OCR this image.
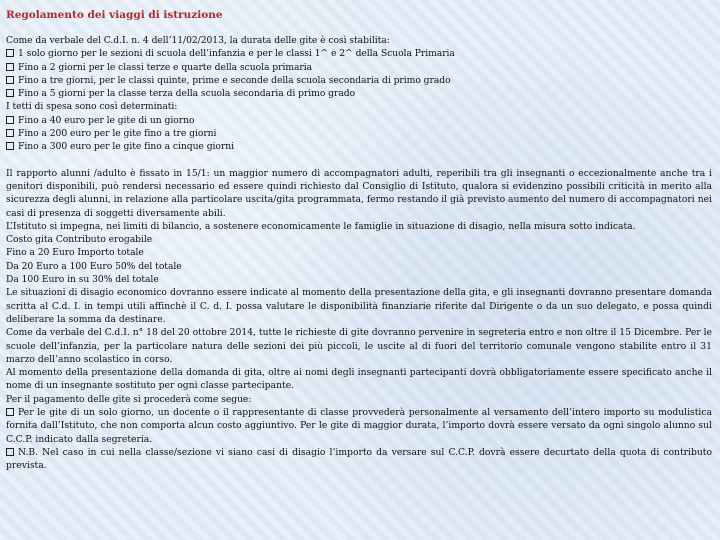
Regolamento dei viaggi di istruzione
Come da verbale del C.d.I. n. 4 dell’11/02/2013, la durata delle gite è così stabilita:
1 solo giorno per le sezioni di scuola dell’infanzia e per le classi 1^ e 2^ della Scuola Primaria
Fino a 2 giorni per le classi terze e quarte della scuola primaria
Fino a tre giorni, per le classi quinte, prime e seconde della scuola secondaria di primo grado
Fino a 5 giorni per la classe terza della scuola secondaria di primo grado
I tetti di spesa sono così determinati:
Fino a 40 euro per le gite di un giorno
Fino a 200 euro per le gite fino a tre giorni
Fino a 300 euro per le gite fino a cinque giorni
Il rapporto alunni /adulto è fissato in 15/1: un maggior numero di accompagnatori adulti, reperibili tra gli insegnanti o eccezionalmente anche tra i genitori disponibili, può rendersi necessario ed essere quindi richiesto dal Consiglio di Istituto, qualora si evidenzino possibili criticità in merito alla sicurezza degli alunni, in relazione alla particolare uscita/gita programmata, fermo restando il già previsto aumento del numero di accompagnatori nei casi di presenza di soggetti diversamente abili.
L’Istituto si impegna, nei limiti di bilancio, a sostenere economicamente le famiglie in situazione di disagio, nella misura sotto indicata.
Costo gita Contributo erogabile
Fino a 20 Euro Importo totale
Da 20 Euro a 100 Euro 50% del totale
Da 100 Euro in su 30% del totale
Le situazioni di disagio economico dovranno essere indicate al momento della presentazione della gita, e gli insegnanti dovranno presentare domanda scritta al C.d. I. in tempi utili affinchè il C. d. I. possa valutare le disponibilità finanziarie riferite dal Dirigente o da un suo delegato, e possa quindi deliberare la somma da destinare.
Come da verbale del C.d.I. n° 18 del 20 ottobre 2014, tutte le richieste di gite dovranno pervenire in segreteria entro e non oltre il 15 Dicembre. Per le scuole dell’infanzia, per la particolare natura delle sezioni dei più piccoli, le uscite al di fuori del territorio comunale vengono stabilite entro il 31 marzo dell’anno scolastico in corso.
Al momento della presentazione della domanda di gita, oltre ai nomi degli insegnanti partecipanti dovrà obbligatoriamente essere specificato anche il nome di un insegnante sostituto per ogni classe partecipante.
Per il pagamento delle gite si procederà come segue:
Per le gite di un solo giorno, un docente o il rappresentante di classe provvederà personalmente al versamento dell’intero importo su modulistica fornita dall’Istituto, che non comporta alcun costo aggiuntivo. Per le gite di maggior durata, l’importo dovrà essere versato da ogni singolo alunno sul C.C.P. indicato dalla segreteria.
N.B. Nel caso in cui nella classe/sezione vi siano casi di disagio l’importo da versare sul C.C.P. dovrà essere decurtato della quota di contributo prevista.
